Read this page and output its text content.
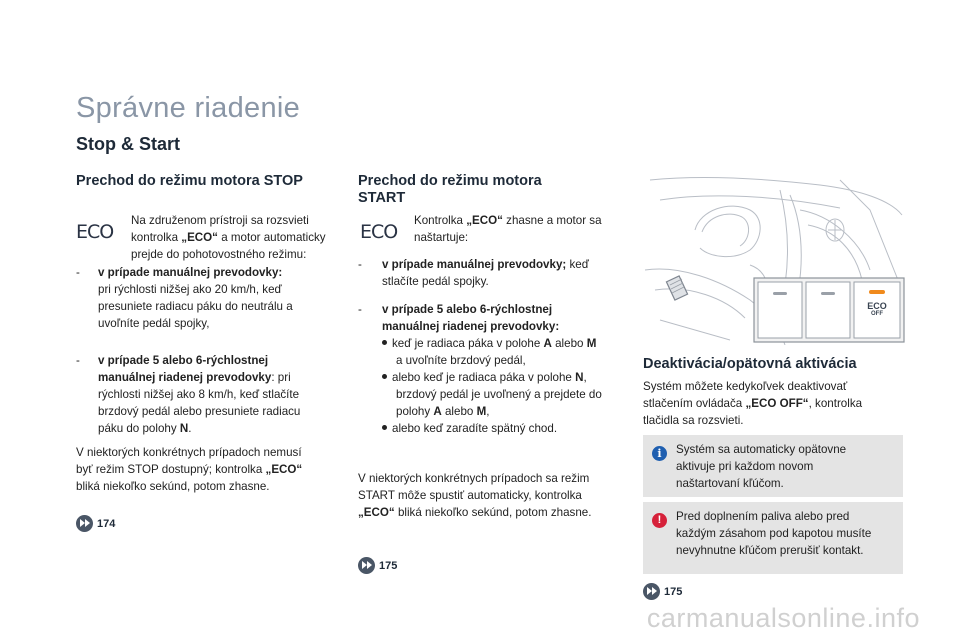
Správne riadenie
Stop & Start
Prechod do režimu motora STOP
ECO
Na združenom prístroji sa rozsvieti
kontrolka „ECO“ a motor automaticky
prejde do pohotovostného režimu:
- v prípade manuálnej prevodovky:
pri rýchlosti nižšej ako 20 km/h, keď
presuniete radiacu páku do neutrálu a
uvoľníte pedál spojky,
- v prípade 5 alebo 6-rýchlostnej
manuálnej riadenej prevodovky: pri
rýchlosti nižšej ako 8 km/h, keď stlačíte
brzdový pedál alebo presuniete radiacu
páku do polohy N.
V niektorých konkrétnych prípadoch nemusí
byť režim STOP dostupný; kontrolka „ECO“
bliká niekoľko sekúnd, potom zhasne.
174
Prechod do režimu motora
START
ECO
Kontrolka „ECO“ zhasne a motor sa
naštartuje:
- v prípade manuálnej prevodovky; keď
stlačíte pedál spojky.
- v prípade 5 alebo 6-rýchlostnej
manuálnej riadenej prevodovky:
keď je radiaca páka v polohe A alebo M
a uvoľníte brzdový pedál,
alebo keď je radiaca páka v polohe N,
brzdový pedál je uvoľnený a prejdete do
polohy A alebo M,
alebo keď zaradíte spätný chod.
V niektorých konkrétnych prípadoch sa režim
START môže spustiť automaticky, kontrolka
„ECO“ bliká niekoľko sekúnd, potom zhasne.
175
ECO
OFF
Deaktivácia/opätovná aktivácia
Systém môžete kedykoľvek deaktivovať
stlačením ovládača „ECO OFF“, kontrolka
tlačidla sa rozsvieti.
i	Systém sa automaticky opätovne
aktivuje pri každom novom
naštartovaní kľúčom.
!	Pred doplnením paliva alebo pred
každým zásahom pod kapotou musíte
nevyhnutne kľúčom prerušiť kontakt.
175
carmanualsonline.info
